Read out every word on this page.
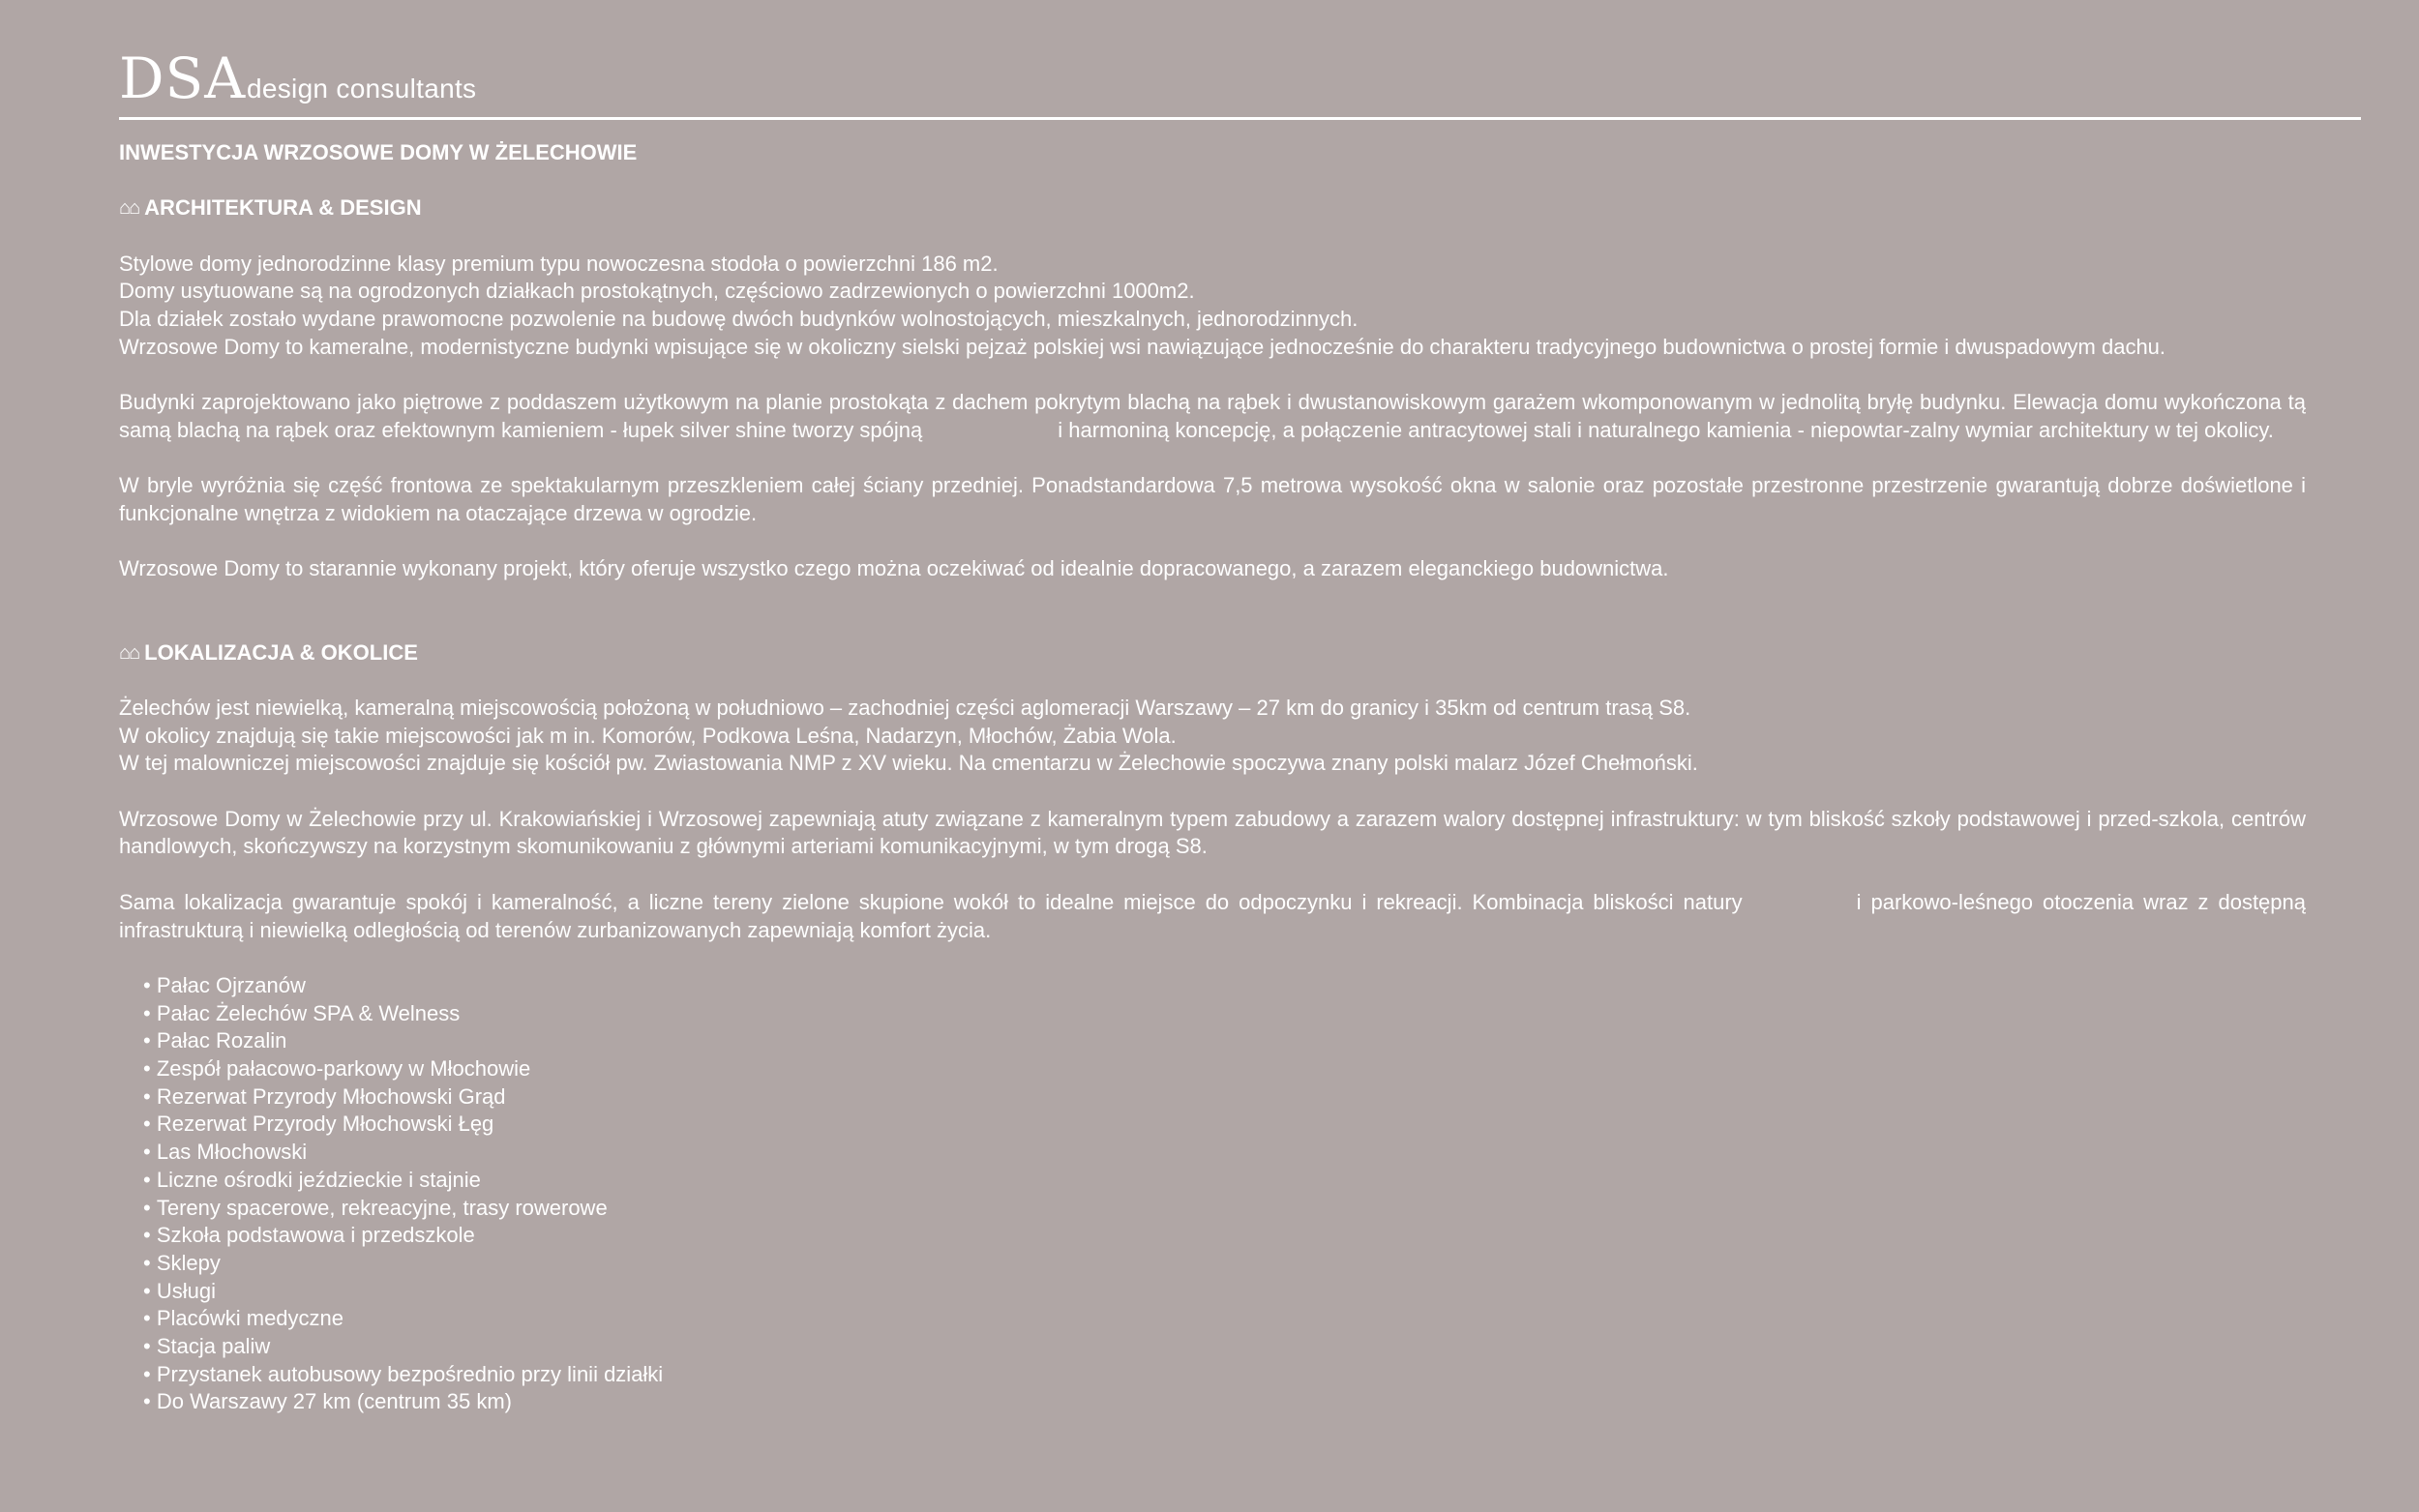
DSA design consultants

INWESTYCJA WRZOSOWE DOMY W ŻELECHOWIE

⌂⌂ ARCHITEKTURA & DESIGN

Stylowe domy jednorodzinne klasy premium typu nowoczesna stodoła o powierzchni 186 m2.

Domy usytuowane są na ogrodzonych działkach prostokątnych, częściowo zadrzewionych o powierzchni 1000m2.

Dla działek zostało wydane prawomocne pozwolenie na budowę dwóch budynków wolnostojących, mieszkalnych, jednorodzinnych.

Wrzosowe Domy to kameralne, modernistyczne budynki wpisujące się w okoliczny sielski pejzaż polskiej wsi nawiązujące jednocześnie do charakteru tradycyjnego budownictwa o prostej formie i dwuspadowym dachu.

Budynki zaprojektowano jako piętrowe z poddaszem użytkowym na planie prostokąta z dachem pokrytym blachą na rąbek i dwustanowiskowym garażem wkomponowanym w jednolitą bryłę budynku. Elewacja domu wykończona tą samą blachą na rąbek oraz efektownym kamieniem - łupek silver shine tworzy spójną	i harmoniną koncepcję, a połączenie antracytowej stali i naturalnego kamienia - niepowtar-zalny wymiar architektury w tej okolicy.

W bryle wyróżnia się część frontowa ze spektakularnym przeszkleniem całej ściany przedniej. Ponadstandardowa 7,5 metrowa wysokość okna w salonie oraz pozostałe przestronne przestrzenie gwarantują dobrze doświetlone i funkcjonalne wnętrza z widokiem na otaczające drzewa w ogrodzie.

Wrzosowe Domy to starannie wykonany projekt, który oferuje wszystko czego można oczekiwać od idealnie dopracowanego, a zarazem eleganckiego budownictwa.

⌂⌂ LOKALIZACJA & OKOLICE

Żelechów jest niewielką, kameralną miejscowością położoną w południowo – zachodniej części aglomeracji Warszawy – 27 km do granicy i 35km od centrum trasą S8.

W okolicy znajdują się takie miejscowości jak m in. Komorów, Podkowa Leśna, Nadarzyn, Młochów, Żabia Wola.

W tej malowniczej miejscowości znajduje się kościół pw. Zwiastowania NMP z XV wieku. Na cmentarzu w Żelechowie spoczywa znany polski malarz Józef Chełmoński.

Wrzosowe Domy w Żelechowie przy ul. Krakowiańskiej i Wrzosowej zapewniają atuty związane z kameralnym typem zabudowy a zarazem walory dostępnej infrastruktury: w tym bliskość szkoły podstawowej i przed-szkola, centrów handlowych, skończywszy na korzystnym skomunikowaniu z głównymi arteriami komunikacyjnymi, w tym drogą S8.

Sama lokalizacja gwarantuje spokój i kameralność, a liczne tereny zielone skupione wokół to idealne miejsce do odpoczynku i rekreacji. Kombinacja bliskości natury	i parkowo-leśnego otoczenia wraz z dostępną infrastrukturą i niewielką odległością od terenów zurbanizowanych zapewniają komfort życia.

• Pałac Ojrzanów
• Pałac Żelechów SPA & Welness
• Pałac Rozalin
• Zespół pałacowo-parkowy w Młochowie
• Rezerwat Przyrody Młochowski Grąd
• Rezerwat Przyrody Młochowski Łęg
• Las Młochowski
• Liczne ośrodki jeździeckie i stajnie
• Tereny spacerowe, rekreacyjne, trasy rowerowe
• Szkoła podstawowa i przedszkole
• Sklepy
• Usługi
• Placówki medyczne
• Stacja paliw
• Przystanek autobusowy bezpośrednio przy linii działki
• Do Warszawy 27 km (centrum 35 km)
